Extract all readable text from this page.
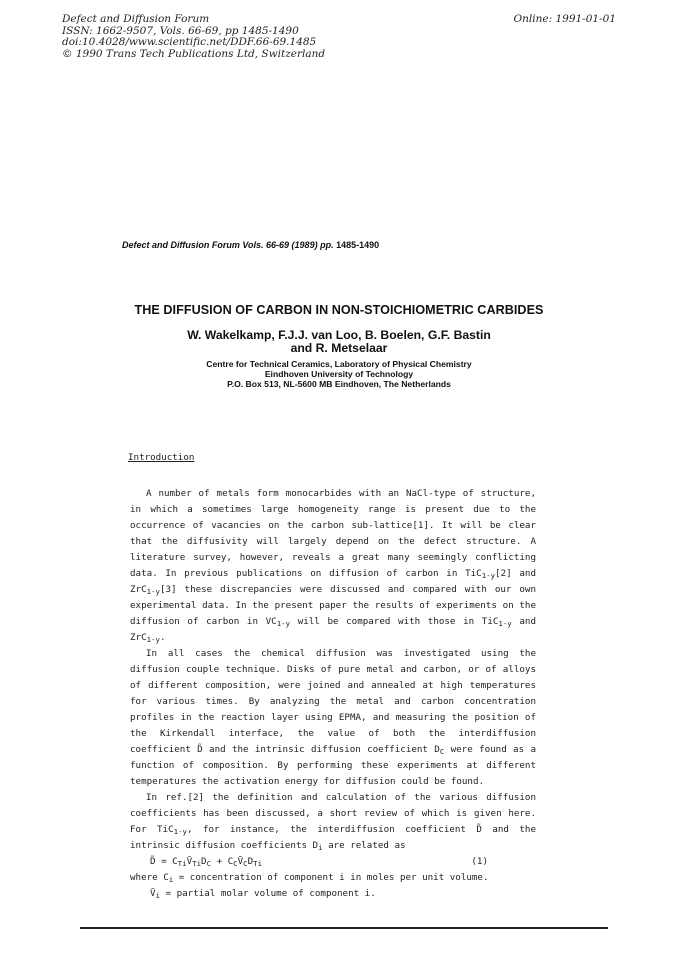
Defect and Diffusion Forum
ISSN: 1662-9507, Vols. 66-69, pp 1485-1490
doi:10.4028/www.scientific.net/DDF.66-69.1485
© 1990 Trans Tech Publications Ltd, Switzerland
Online: 1991-01-01
Defect and Diffusion Forum Vols. 66-69 (1989) pp. 1485-1490
THE DIFFUSION OF CARBON IN NON-STOICHIOMETRIC CARBIDES
W. Wakelkamp, F.J.J. van Loo, B. Boelen, G.F. Bastin
and R. Metselaar
Centre for Technical Ceramics, Laboratory of Physical Chemistry
Eindhoven University of Technology
P.O. Box 513, NL-5600 MB Eindhoven, The Netherlands
Introduction
A number of metals form monocarbides with an NaCl-type of structure,
in which a sometimes large homogeneity range is present due to the
occurrence of vacancies on the carbon sub-lattice[1]. It will be clear
that the diffusivity will largely depend on the defect structure. A
literature survey, however, reveals a great many seemingly conflicting
data. In previous publications on diffusion of carbon in TiC$_{1-y}$[2] and
ZrC$_{1-y}$[3] these discrepancies were discussed and compared with our own
experimental data. In the present paper the results of experiments on the
diffusion of carbon in $VC_{1-y}$ will be compared with those in TiC$_{1-y}$ and
ZrC$_{1-y}$.
In all cases the chemical diffusion was investigated using the
diffusion couple technique. Disks of pure metal and carbon, or of alloys
of different composition, were joined and annealed at high temperatures
for various times. By analyzing the metal and carbon concentration
profiles in the reaction layer using EPMA, and measuring the position of
the Kirkendall interface, the value of both the interdiffusion
coefficient D̃ and the intrinsic diffusion coefficient $D_C$ were found as a
function of composition. By performing these experiments at different
temperatures the activation energy for diffusion could be found.
In ref.[2] the definition and calculation of the various diffusion
coefficients has been discussed, a short review of which is given here.
For TiC$_{1-y}$, for instance, the interdiffusion coefficient D̃ and the
intrinsic diffusion coefficients $D_i$ are related as
D̃ = $C_{Ti}V̄_{Ti}D_C$ + $C_CV̄_CD_{Ti}$	(1)
where $C_i$ = concentration of component i in moles per unit volume.
$V̄_i$ = partial molar volume of component i.
